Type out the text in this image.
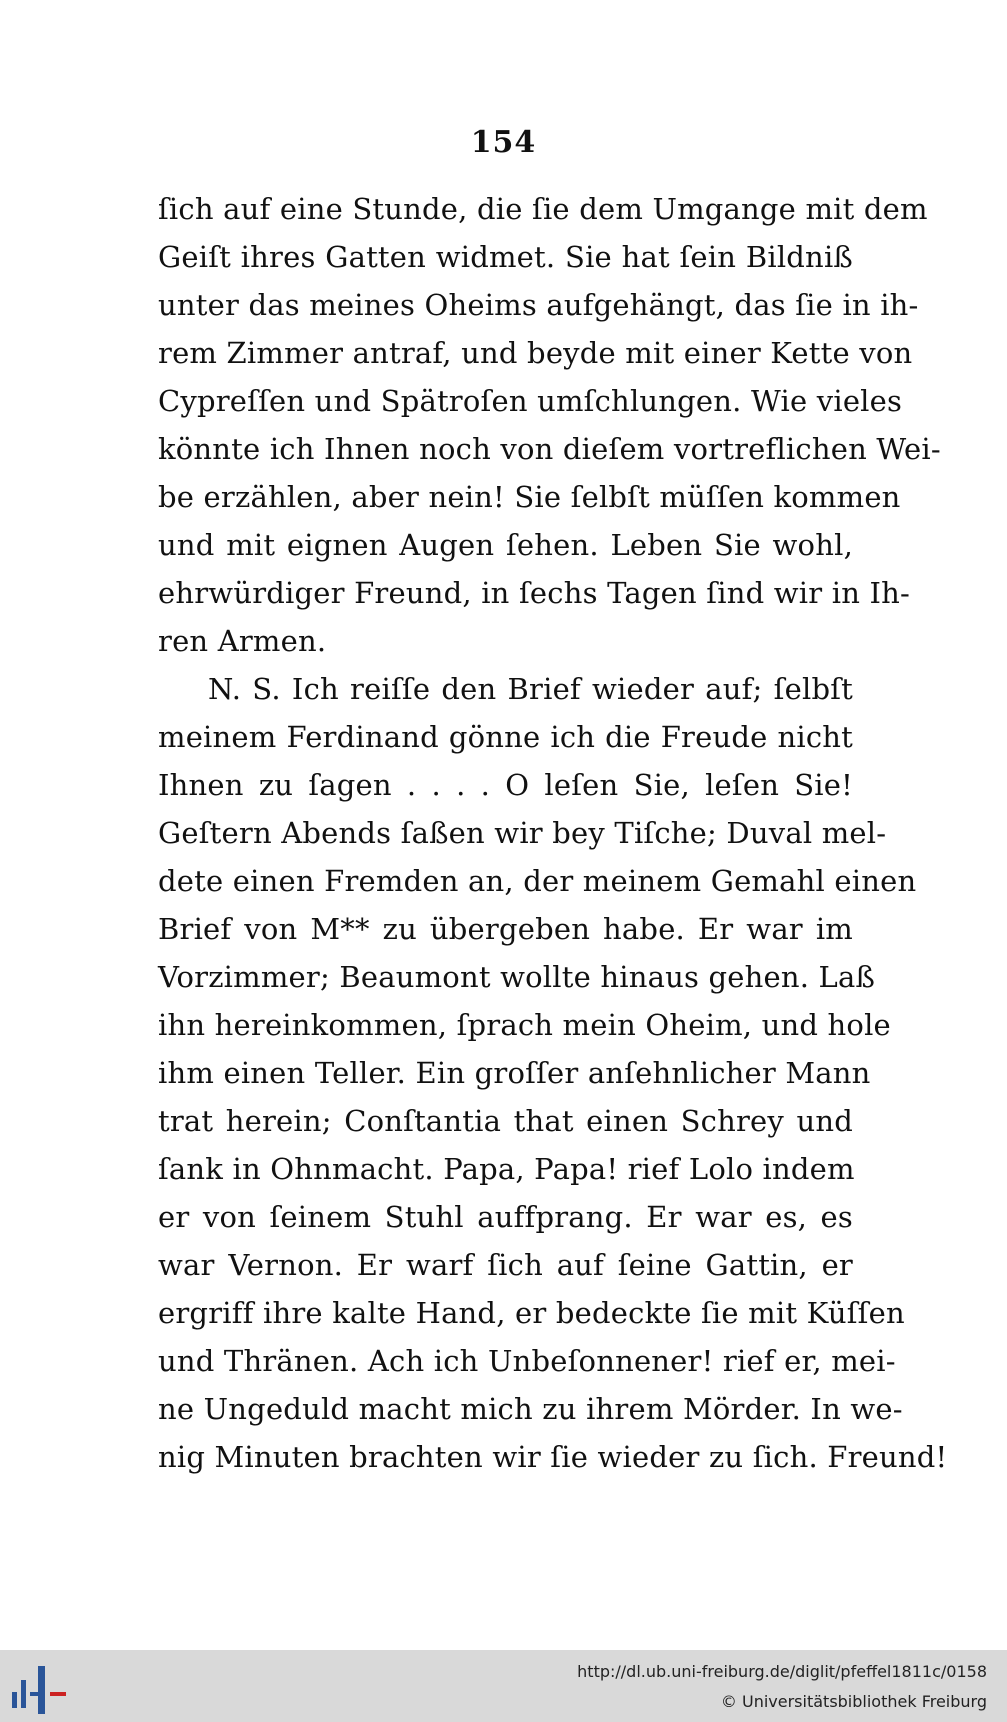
154
ſich auf eine Stunde, die ſie dem Umgange mit dem
Geiſt ihres Gatten widmet. Sie hat ſein Bildniß
unter das meines Oheims aufgehängt, das ſie in ih-
rem Zimmer antraf, und beyde mit einer Kette von
Cypreſſen und Spätroſen umſchlungen. Wie vieles
könnte ich Ihnen noch von dieſem vortreflichen Wei-
be erzählen, aber nein! Sie ſelbſt müſſen kommen
und mit eignen Augen ſehen. Leben Sie wohl,
ehrwürdiger Freund, in ſechs Tagen ſind wir in Ih-
ren Armen.
N. S. Ich reiſſe den Brief wieder auf; ſelbſt
meinem Ferdinand gönne ich die Freude nicht
Ihnen zu ſagen . . . . O leſen Sie, leſen Sie!
Geſtern Abends ſaßen wir bey Tiſche; Duval mel-
dete einen Fremden an, der meinem Gemahl einen
Brief von M** zu übergeben habe. Er war im
Vorzimmer; Beaumont wollte hinaus gehen. Laß
ihn hereinkommen, ſprach mein Oheim, und hole
ihm einen Teller. Ein groſſer anſehnlicher Mann
trat herein; Conſtantia that einen Schrey und
ſank in Ohnmacht. Papa, Papa! rief Lolo indem
er von ſeinem Stuhl auffprang. Er war es, es
war Vernon. Er warf ſich auf ſeine Gattin, er
ergriff ihre kalte Hand, er bedeckte ſie mit Küſſen
und Thränen. Ach ich Unbeſonnener! rief er, mei-
ne Ungeduld macht mich zu ihrem Mörder. In we-
nig Minuten brachten wir ſie wieder zu ſich. Freund!
http://dl.ub.uni-freiburg.de/diglit/pfeffel1811c/0158
© Universitätsbibliothek Freiburg
